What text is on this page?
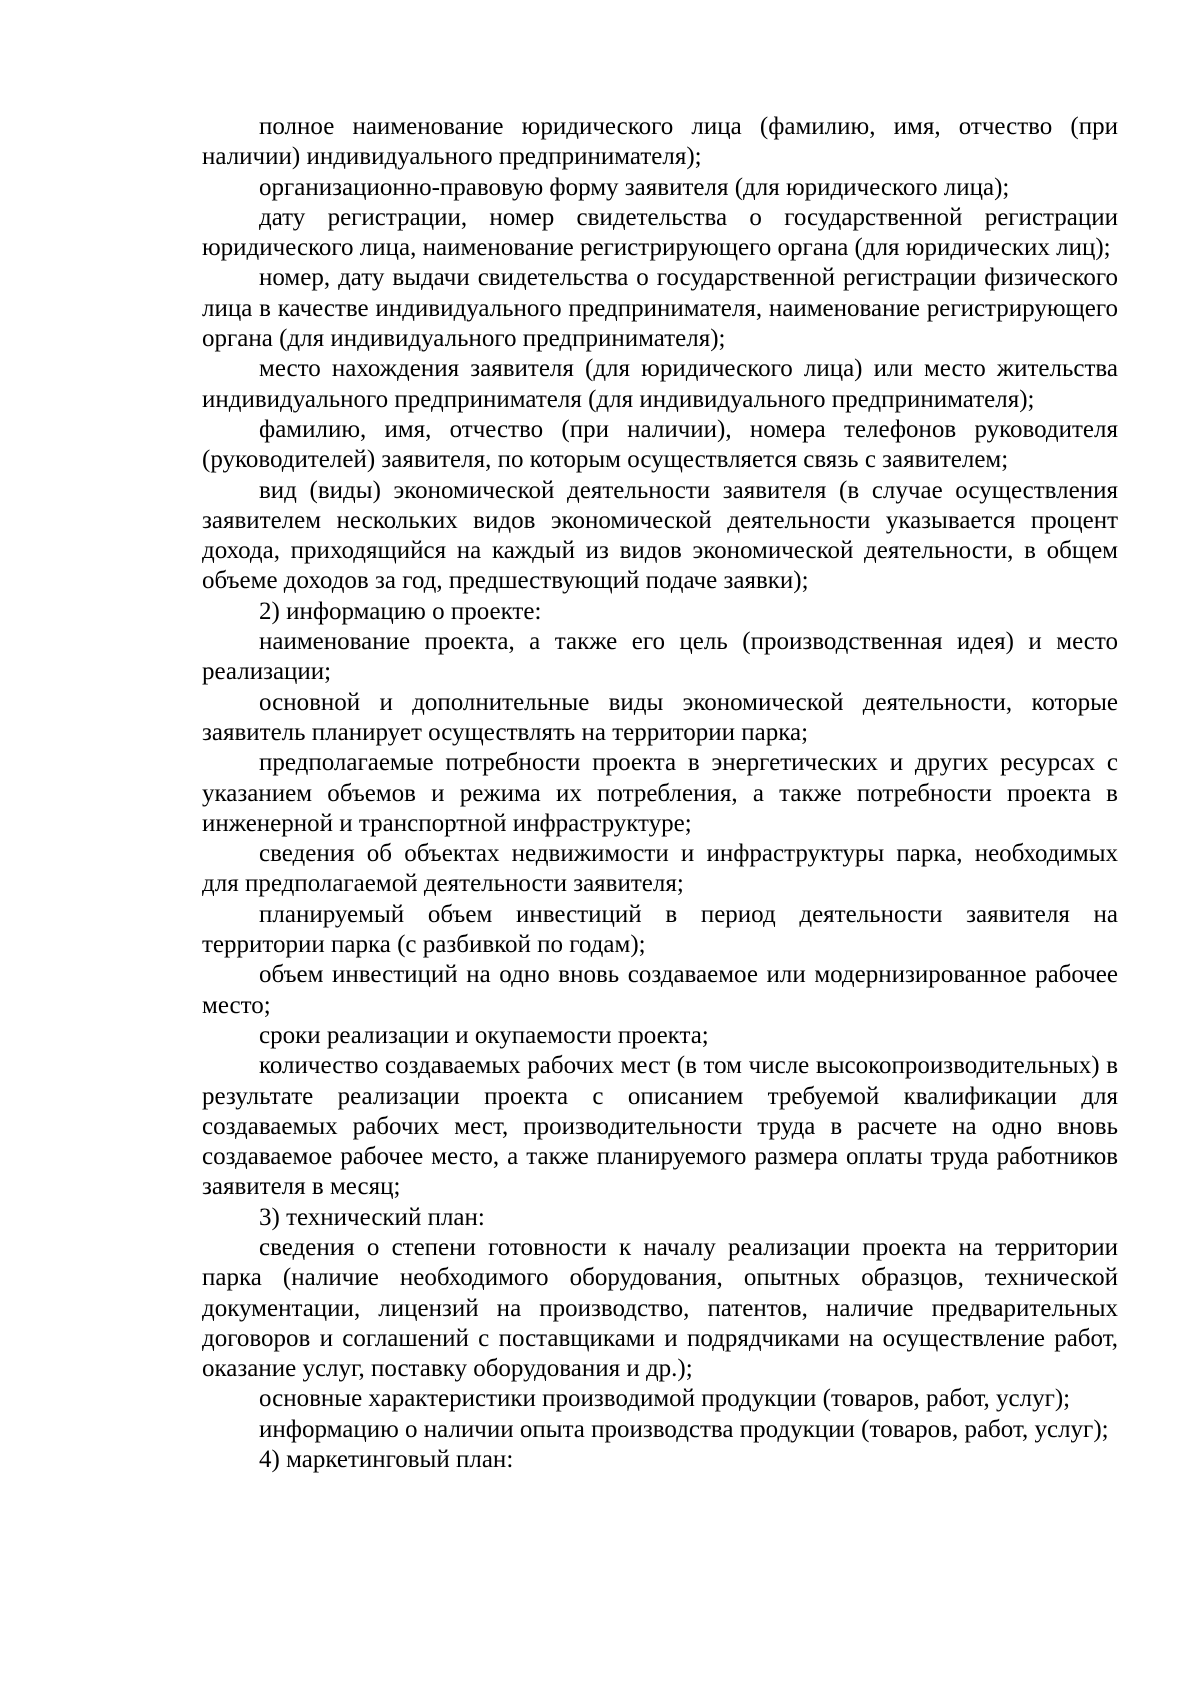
полное наименование юридического лица (фамилию, имя, отчество (при наличии) индивидуального предпринимателя);

организационно-правовую форму заявителя (для юридического лица);

дату регистрации, номер свидетельства о государственной регистрации юридического лица, наименование регистрирующего органа (для юридических лиц);

номер, дату выдачи свидетельства о государственной регистрации физического лица в качестве индивидуального предпринимателя, наименование регистрирующего органа (для индивидуального предпринимателя);

место нахождения заявителя (для юридического лица) или место жительства индивидуального предпринимателя (для индивидуального предпринимателя);

фамилию, имя, отчество (при наличии), номера телефонов руководителя (руководителей) заявителя, по которым осуществляется связь с заявителем;

вид (виды) экономической деятельности заявителя (в случае осуществления заявителем нескольких видов экономической деятельности указывается процент дохода, приходящийся на каждый из видов экономической деятельности, в общем объеме доходов за год, предшествующий подаче заявки);

2) информацию о проекте:

наименование проекта, а также его цель (производственная идея) и место реализации;

основной и дополнительные виды экономической деятельности, которые заявитель планирует осуществлять на территории парка;

предполагаемые потребности проекта в энергетических и других ресурсах с указанием объемов и режима их потребления, а также потребности проекта в инженерной и транспортной инфраструктуре;

сведения об объектах недвижимости и инфраструктуры парка, необходимых для предполагаемой деятельности заявителя;

планируемый объем инвестиций в период деятельности заявителя на территории парка (с разбивкой по годам);

объем инвестиций на одно вновь создаваемое или модернизированное рабочее место;

сроки реализации и окупаемости проекта;

количество создаваемых рабочих мест (в том числе высокопроизводительных) в результате реализации проекта с описанием требуемой квалификации для создаваемых рабочих мест, производительности труда в расчете на одно вновь создаваемое рабочее место, а также планируемого размера оплаты труда работников заявителя в месяц;

3) технический план:

сведения о степени готовности к началу реализации проекта на территории парка (наличие необходимого оборудования, опытных образцов, технической документации, лицензий на производство, патентов, наличие предварительных договоров и соглашений с поставщиками и подрядчиками на осуществление работ, оказание услуг, поставку оборудования и др.);

основные характеристики производимой продукции (товаров, работ, услуг);

информацию о наличии опыта производства продукции (товаров, работ, услуг);

4) маркетинговый план:
